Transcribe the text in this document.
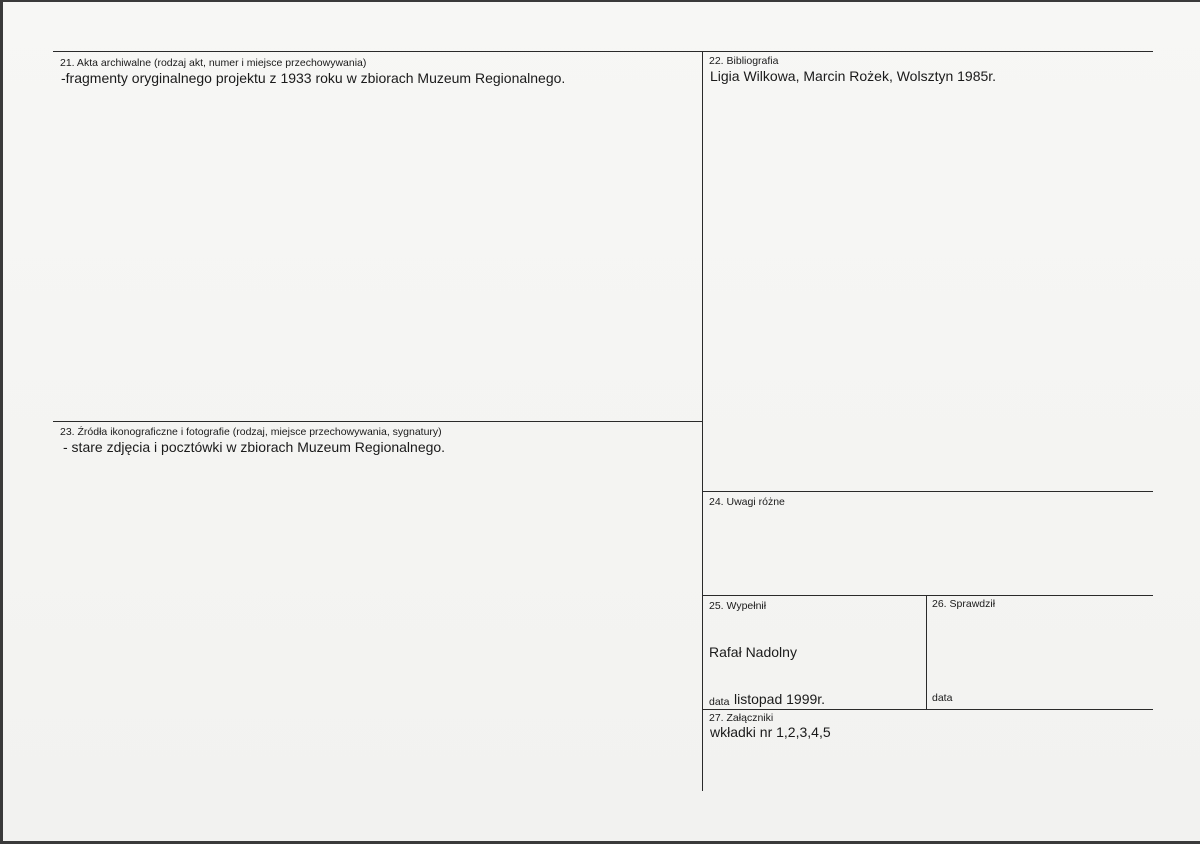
21. Akta archiwalne (rodzaj akt, numer i miejsce przechowywania)
-fragmenty oryginalnego projektu z 1933 roku w zbiorach Muzeum Regionalnego.
22. Bibliografia
Ligia Wilkowa, Marcin Rożek, Wolsztyn 1985r.
23. Źródła ikonograficzne i fotografie (rodzaj, miejsce przechowywania, sygnatury)
- stare zdjęcia i pocztówki w zbiorach Muzeum Regionalnego.
24. Uwagi różne
25. Wypełnił
Rafał Nadolny
data listopad 1999r.
26. Sprawdził
data
27. Załączniki
wkładki nr 1,2,3,4,5
